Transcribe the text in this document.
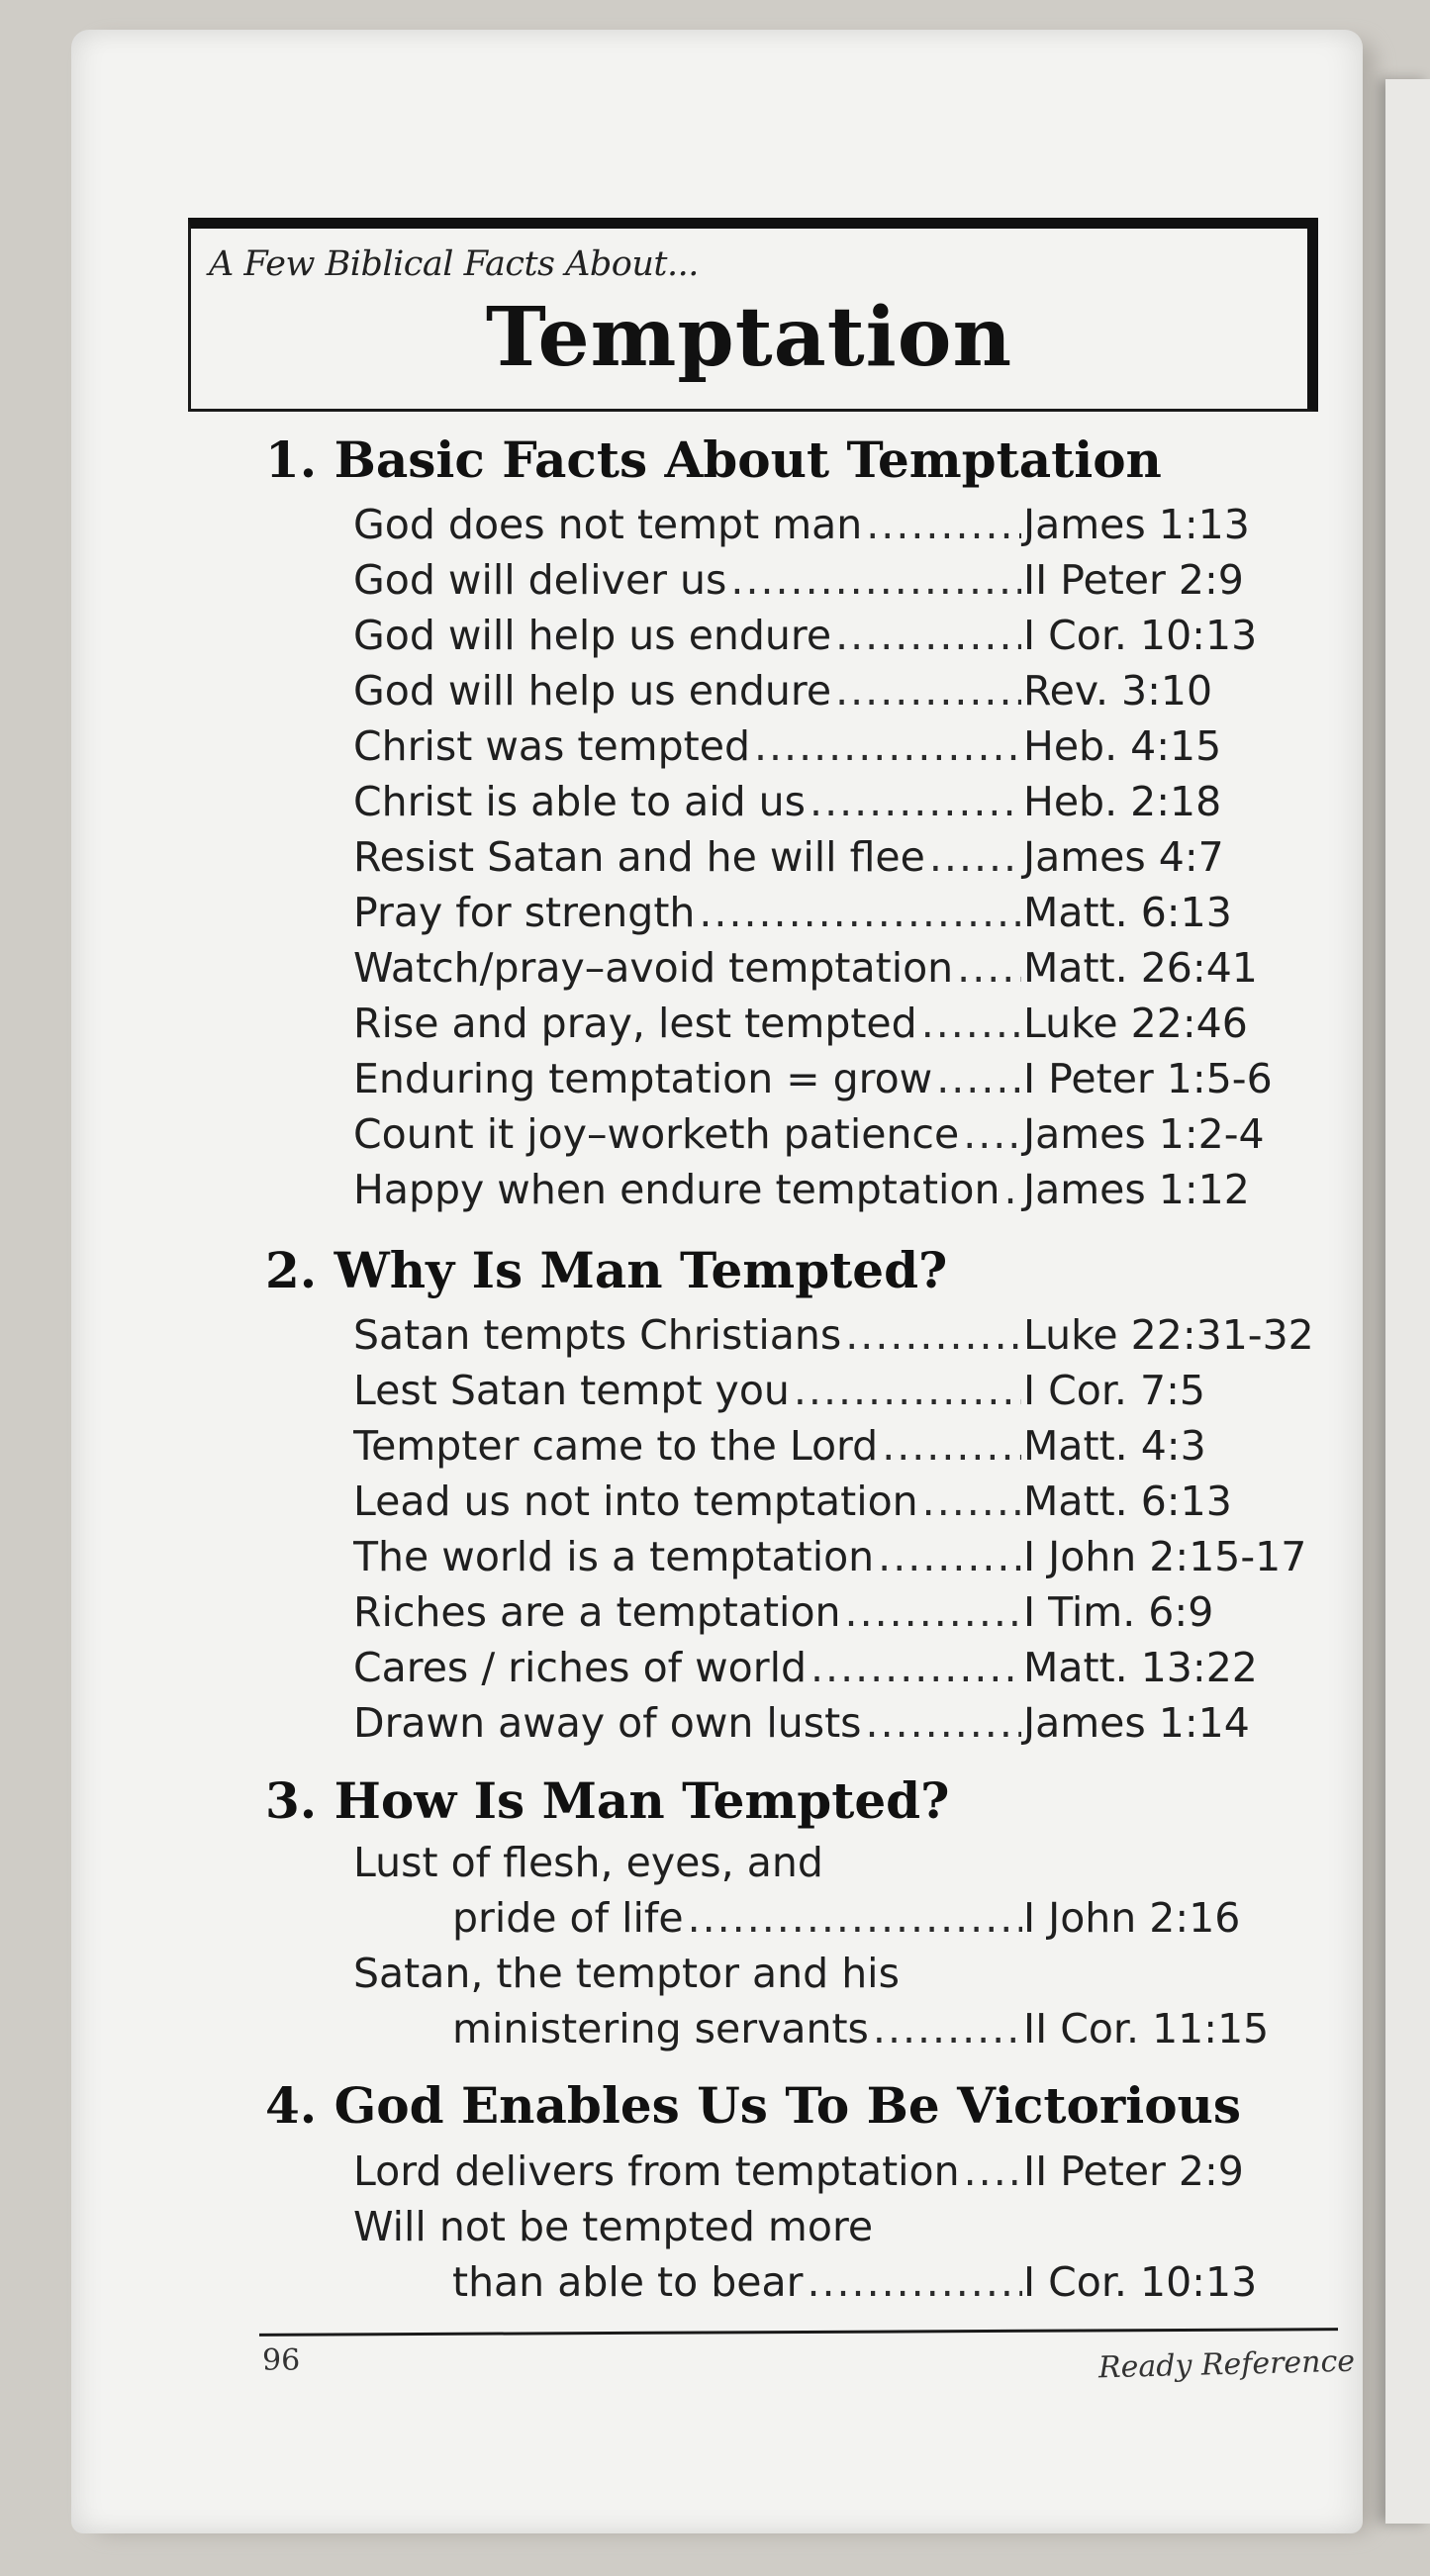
A Few Biblical Facts About...
Temptation
1. Basic Facts About Temptation
God does not tempt man .....	James 1:13
God will deliver us .....	II Peter 2:9
God will help us endure .....	I Cor. 10:13
God will help us endure .....	Rev. 3:10
Christ was tempted .....	Heb. 4:15
Christ is able to aid us .....	Heb. 2:18
Resist Satan and he will flee ..... James 4:7
Pray for strength .....	Matt. 6:13
Watch/pray–avoid temptation ..... Matt. 26:41
Rise and pray, lest tempted .....	Luke 22:46
Enduring temptation = grow ..... I Peter 1:5-6
Count it joy–worketh patience ..... James 1:2-4
Happy when endure temptation ..... James 1:12
2. Why Is Man Tempted?
Satan tempts Christians .....	Luke 22:31-32
Lest Satan tempt you .....	I Cor. 7:5
Tempter came to the Lord .....	Matt. 4:3
Lead us not into temptation .....	Matt. 6:13
The world is a temptation .....	I John 2:15-17
Riches are a temptation .....	I Tim. 6:9
Cares / riches of world .....	Matt. 13:22
Drawn away of own lusts .....	James 1:14
3. How Is Man Tempted?
Lust of flesh, eyes, and
pride of life .....	I John 2:16
Satan, the temptor and his
ministering servants .....	II Cor. 11:15
4. God Enables Us To Be Victorious
Lord delivers from temptation ..... II Peter 2:9
Will not be tempted more
than able to bear .....	I Cor. 10:13
96	Ready Reference
